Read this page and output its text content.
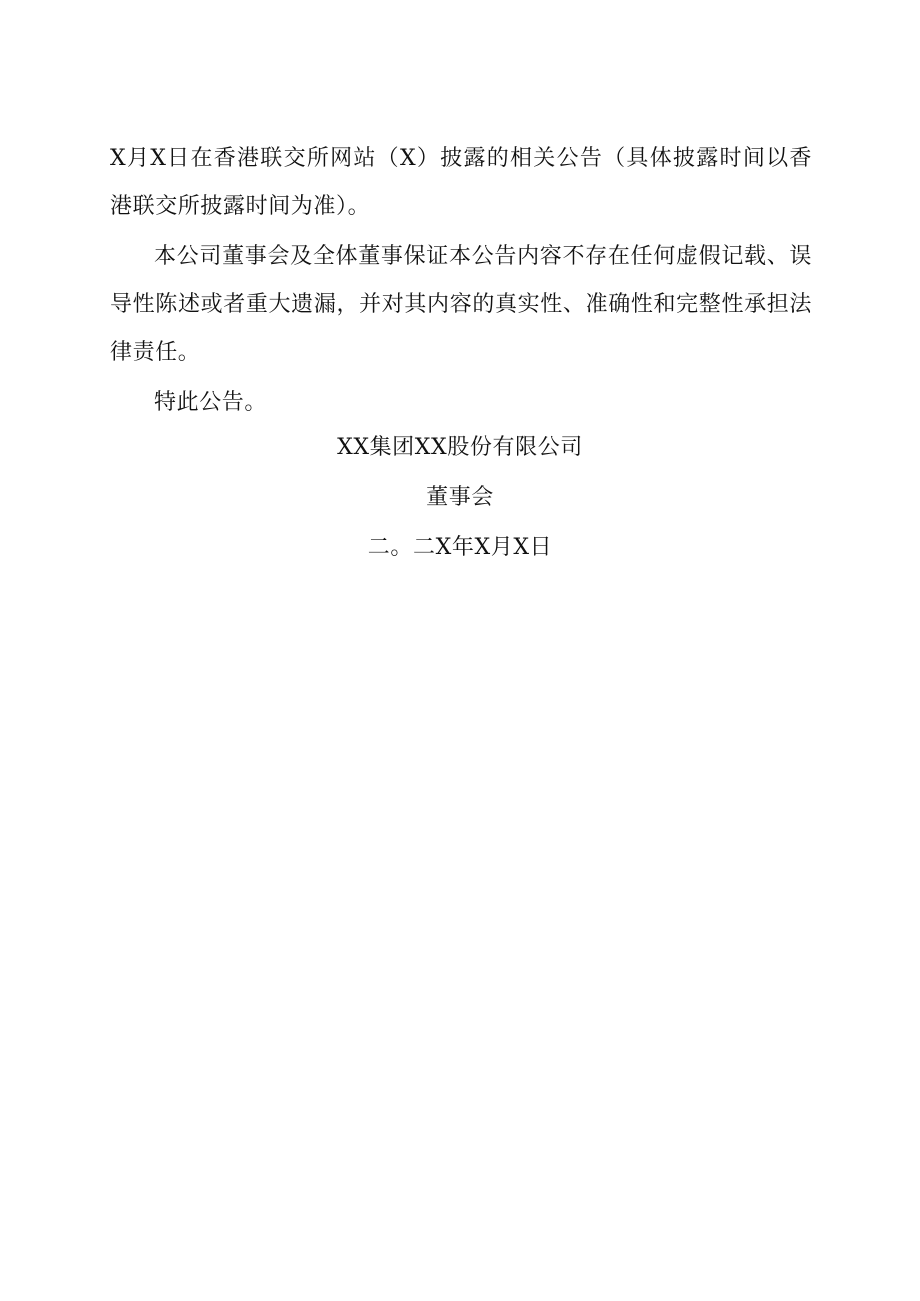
X月X日在香港联交所网站（X）披露的相关公告（具体披露时间以香港联交所披露时间为准）。

本公司董事会及全体董事保证本公告内容不存在任何虚假记载、误导性陈述或者重大遗漏，并对其内容的真实性、准确性和完整性承担法律责任。

特此公告。

XX集团XX股份有限公司
董事会
二。二X年X月X日
